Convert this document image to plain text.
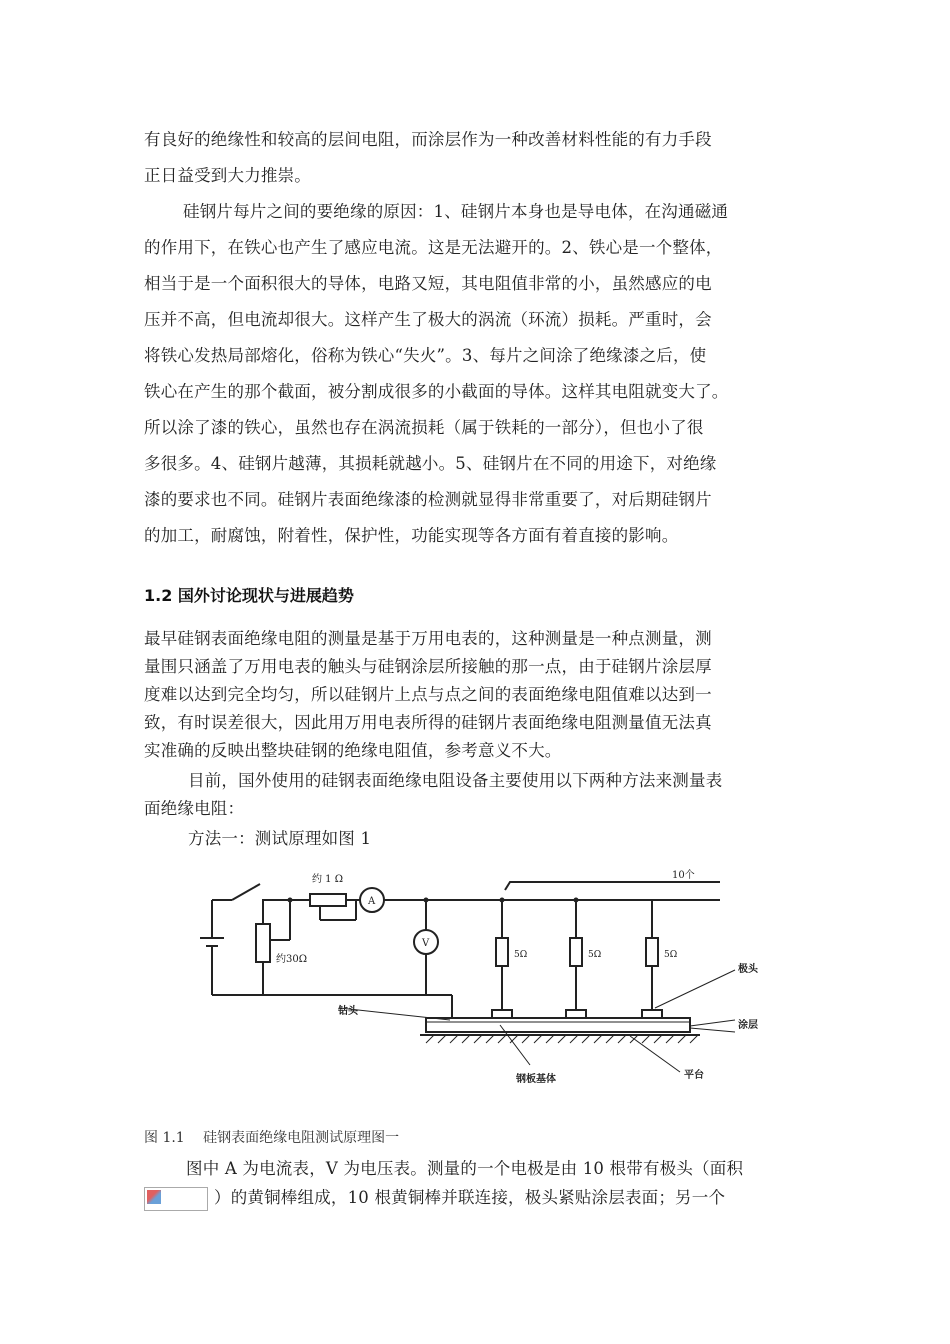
有良好的绝缘性和较高的层间电阻，而涂层作为一种改善材料性能的有力手段
正日益受到大力推崇。
硅钢片每片之间的要绝缘的原因：1、硅钢片本身也是导电体，在沟通磁通
的作用下，在铁心也产生了感应电流。这是无法避开的。2、铁心是一个整体，
相当于是一个面积很大的导体，电路又短，其电阻值非常的小，虽然感应的电
压并不高，但电流却很大。这样产生了极大的涡流（环流）损耗。严重时，会
将铁心发热局部熔化，俗称为铁心“失火”。3、每片之间涂了绝缘漆之后，使
铁心在产生的那个截面，被分割成很多的小截面的导体。这样其电阻就变大了。
所以涂了漆的铁心，虽然也存在涡流损耗（属于铁耗的一部分），但也小了很
多很多。4、硅钢片越薄，其损耗就越小。5、硅钢片在不同的用途下，对绝缘
漆的要求也不同。硅钢片表面绝缘漆的检测就显得非常重要了，对后期硅钢片
的加工，耐腐蚀，附着性，保护性，功能实现等各方面有着直接的影响。
1.2 国外讨论现状与进展趋势
最早硅钢表面绝缘电阻的测量是基于万用电表的，这种测量是一种点测量，测
量围只涵盖了万用电表的触头与硅钢涂层所接触的那一点，由于硅钢片涂层厚
度难以达到完全均匀，所以硅钢片上点与点之间的表面绝缘电阻值难以达到一
致，有时误差很大，因此用万用电表所得的硅钢片表面绝缘电阻测量值无法真
实准确的反映出整块硅钢的绝缘电阻值，参考意义不大。
目前，国外使用的硅钢表面绝缘电阻设备主要使用以下两种方法来测量表
面绝缘电阻：
方法一：测试原理如图 1
约 1 Ω
约30Ω
A
V
10个
5Ω	5Ω	5Ω
极头
钻头
涂层
钢板基体	平台
图 1.1　 硅钢表面绝缘电阻测试原理图一
图中 A 为电流表，V 为电压表。测量的一个电极是由 10 根带有极头（面积
）的黄铜棒组成，10 根黄铜棒并联连接，极头紧贴涂层表面；另一个
